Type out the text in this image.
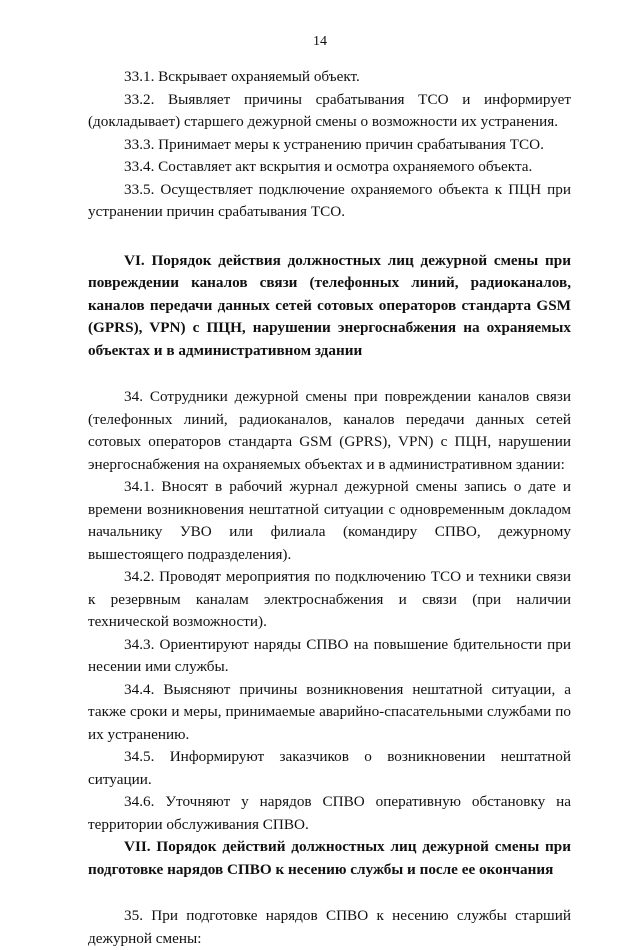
14

33.1. Вскрывает охраняемый объект.

33.2. Выявляет причины срабатывания ТСО и информирует (докладывает) старшего дежурной смены о возможности их устранения.

33.3. Принимает меры к устранению причин срабатывания ТСО.

33.4. Составляет акт вскрытия и осмотра охраняемого объекта.

33.5. Осуществляет подключение охраняемого объекта к ПЦН при устранении причин срабатывания ТСО.

VI. Порядок действия должностных лиц дежурной смены при повреждении каналов связи (телефонных линий, радиоканалов, каналов передачи данных сетей сотовых операторов стандарта GSM (GPRS), VPN) с ПЦН, нарушении энергоснабжения на охраняемых объектах и в административном здании

34. Сотрудники дежурной смены при повреждении каналов связи (телефонных линий, радиоканалов, каналов передачи данных сетей сотовых операторов стандарта GSM (GPRS), VPN) с ПЦН, нарушении энергоснабжения на охраняемых объектах и в административном здании:

34.1. Вносят в рабочий журнал дежурной смены запись о дате и времени возникновения нештатной ситуации с одновременным докладом начальнику УВО или филиала (командиру СПВО, дежурному вышестоящего подразделения).

34.2. Проводят мероприятия по подключению ТСО и техники связи к резервным каналам электроснабжения и связи (при наличии технической возможности).

34.3. Ориентируют наряды СПВО на повышение бдительности при несении ими службы.

34.4. Выясняют причины возникновения нештатной ситуации, а также сроки и меры, принимаемые аварийно-спасательными службами по их устранению.

34.5. Информируют заказчиков о возникновении нештатной ситуации.

34.6. Уточняют у нарядов СПВО оперативную обстановку на территории обслуживания СПВО.

VII. Порядок действий должностных лиц дежурной смены при подготовке нарядов СПВО к несению службы и после ее окончания

35. При подготовке нарядов СПВО к несению службы старший дежурной смены:
